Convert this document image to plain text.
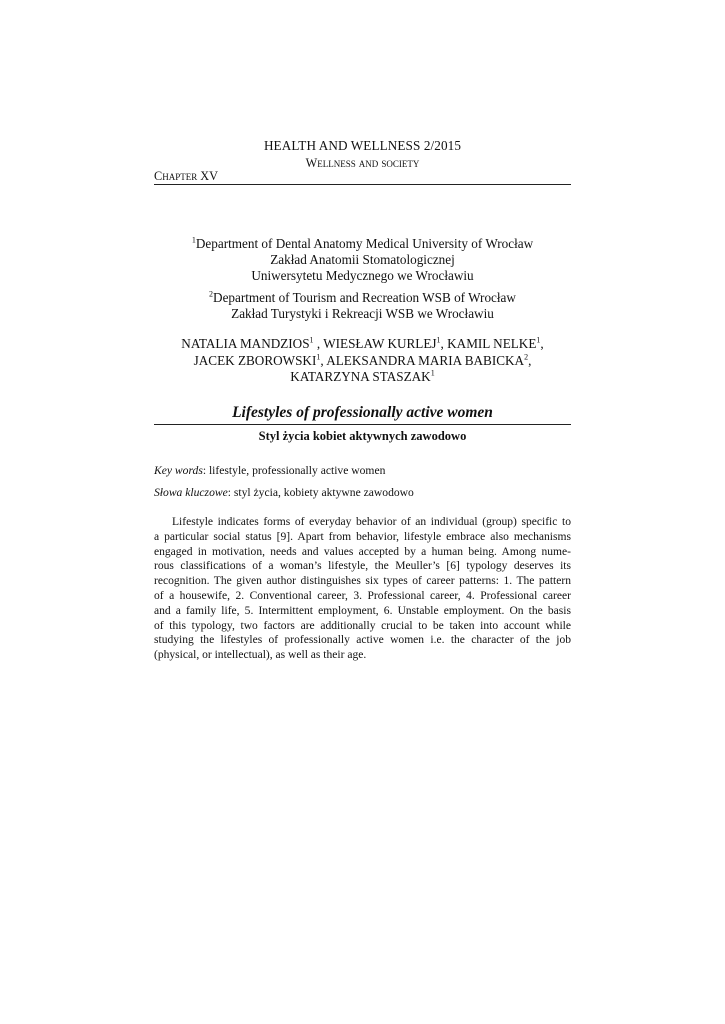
HEALTH AND WELLNESS 2/2015
Wellness and society
Chapter XV
$^1$Department of Dental Anatomy Medical University of Wrocław
Zakład Anatomii Stomatologicznej
Uniwersytetu Medycznego we Wrocławiu
$^2$Department of Tourism and Recreation WSB of Wrocław
Zakład Turystyki i Rekreacji WSB we Wrocławiu
NATALIA MANDZIOS$^1$ , WIESŁAW KURLEJ$^1$, KAMIL NELKE$^1$,
JACEK ZBOROWSKI$^1$, ALEKSANDRA MARIA BABICKA$^2$,
KATARZYNA STASZAK$^1$
Lifestyles of professionally active women
Styl życia kobiet aktywnych zawodowo
Key words: lifestyle, professionally active women
Słowa kluczowe: styl życia, kobiety aktywne zawodowo
Lifestyle indicates forms of everyday behavior of an individual (group) specific to
a particular social status [9]. Apart from behavior, lifestyle embrace also mechanisms
engaged in motivation, needs and values accepted by a human being. Among nume-
rous classifications of a woman’s lifestyle, the Meuller’s [6] typology deserves its
recognition. The given author distinguishes six types of career patterns: 1. The pattern
of a housewife, 2. Conventional career, 3. Professional career, 4. Professional career
and a family life, 5. Intermittent employment, 6. Unstable employment. On the basis
of this typology, two factors are additionally crucial to be taken into account while
studying the lifestyles of professionally active women i.e. the character of the job
(physical, or intellectual), as well as their age.
